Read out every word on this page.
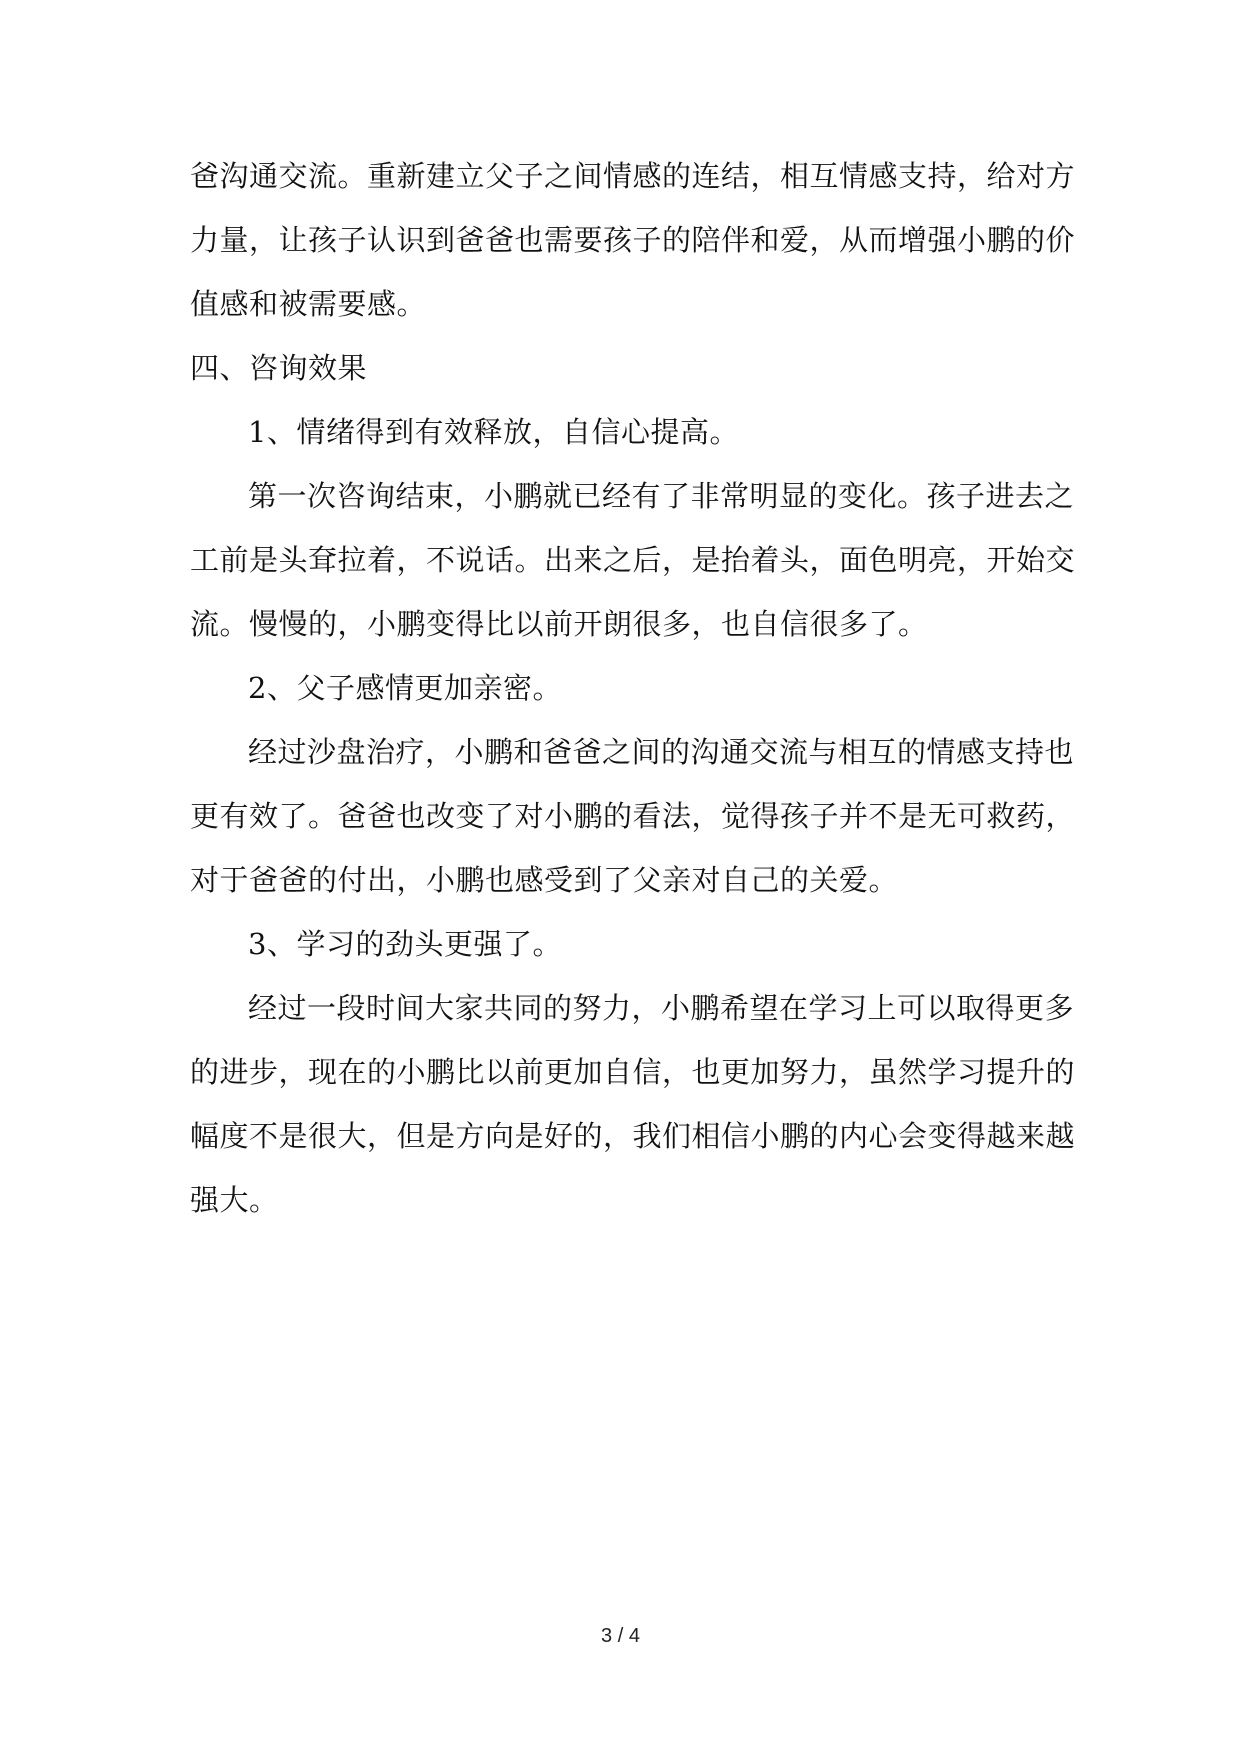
爸沟通交流。重新建立父子之间情感的连结，相互情感支持，给对方
力量，让孩子认识到爸爸也需要孩子的陪伴和爱，从而增强小鹏的价
值感和被需要感。
四、咨询效果
1、情绪得到有效释放，自信心提高。
第一次咨询结束，小鹏就已经有了非常明显的变化。孩子进去之
工前是头耷拉着，不说话。出来之后，是抬着头，面色明亮，开始交
流。慢慢的，小鹏变得比以前开朗很多，也自信很多了。
2、父子感情更加亲密。
经过沙盘治疗，小鹏和爸爸之间的沟通交流与相互的情感支持也
更有效了。爸爸也改变了对小鹏的看法，觉得孩子并不是无可救药，
对于爸爸的付出，小鹏也感受到了父亲对自己的关爱。
3、学习的劲头更强了。
经过一段时间大家共同的努力，小鹏希望在学习上可以取得更多
的进步，现在的小鹏比以前更加自信，也更加努力，虽然学习提升的
幅度不是很大，但是方向是好的，我们相信小鹏的内心会变得越来越
强大。
3 / 4
